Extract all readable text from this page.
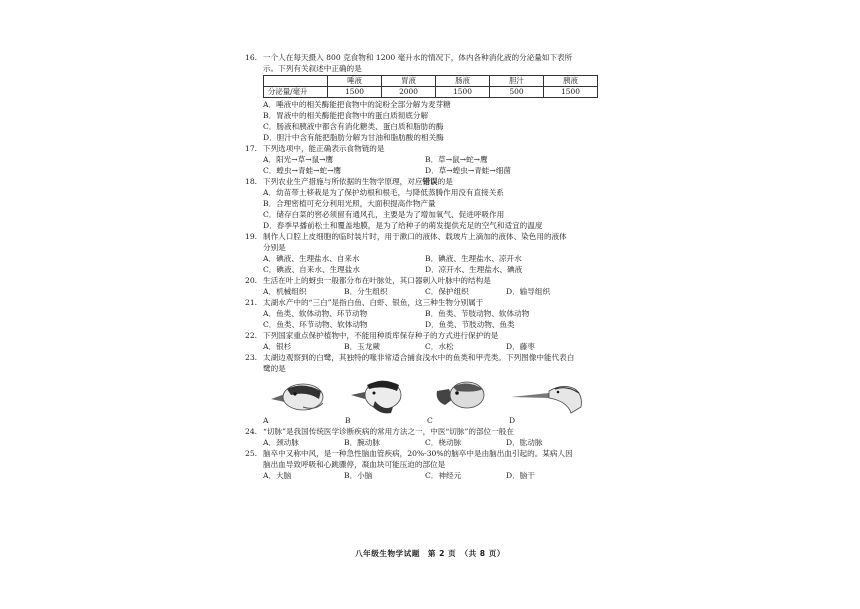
16. 一个人在每天摄入 800 克食物和 1200 毫升水的情况下，体内各种消化液的分泌量如下表所
示。下列有关叙述中正确的是
	唾液	胃液	肠液	胆汁	胰液
分泌量/毫升	1500	2000	1500	500	1500
A．唾液中的相关酶能把食物中的淀粉全部分解为麦芽糖
B．胃液中的相关酶能把食物中的蛋白质彻底分解
C．肠液和胰液中都含有消化糖类、蛋白质和脂肪的酶
D．胆汁中含有能把脂肪分解为甘油和脂肪酸的相关酶
17. 下列选项中，能正确表示食物链的是
A．阳光→草→鼠→鹰	B．草→鼠→蛇→鹰
C．蝗虫→青蛙→蛇→鹰	D．草→蝗虫→青蛙→细菌
18. 下列农业生产措施与所依据的生物学原理，对应错误的是
A．幼苗带土移栽是为了保护幼根和根毛，与降低蒸腾作用没有直接关系
B．合理密植可充分利用光照，大面积提高作物产量
C．储存白菜的窖必须留有通风孔，主要是为了增加氧气、促进呼吸作用
D．春季早播前松土和覆盖地膜，是为了给种子的萌发提供充足的空气和适宜的温度
19. 制作人口腔上皮细胞的临时装片时，用于漱口的液体、载玻片上滴加的液体、染色用的液体
分别是
A．碘液、生理盐水、自来水	B．碘液、生理盐水、凉开水
C．碘液、自来水、生理盐水	D．凉开水、生理盐水、碘液
20. 生活在叶上的蚜虫一般都分布在叶脉处，其口器刺入叶脉中的结构是
A．机械组织	B．分生组织	C．保护组织	D．输导组织
21. 太湖水产中的“三白”是指白鱼、白虾、银鱼，这三种生物分别属于
A．鱼类、软体动物、环节动物	B．鱼类、节肢动物、软体动物
C．鱼类、环节动物、软体动物	D．鱼类、节肢动物、鱼类
22. 下列国家重点保护植物中，不能用种质库保存种子的方式进行保护的是
A．银杉	B．玉龙蕨	C．水松	D．藤枣
23. 太湖边观察到的白鹭，其独特的喙非常适合捕食浅水中的鱼类和甲壳类。下列图像中能代表白
鹭的是
A	B	C	D
24. “切脉”是我国传统医学诊断疾病的常用方法之一，中医“切脉”的部位一般在
A．颈动脉	B．腕动脉	C．桡动脉	D．肱动脉
25. 脑卒中又称中风，是一种急性脑血管疾病，20%-30%的脑卒中是由脑出血引起的。某病人因
脑出血导致呼吸和心跳骤停，凝血块可能压迫的部位是
A．大脑	B．小脑	C．神经元	D．脑干
八年级生物学试题　第 2 页　（共 8 页）
